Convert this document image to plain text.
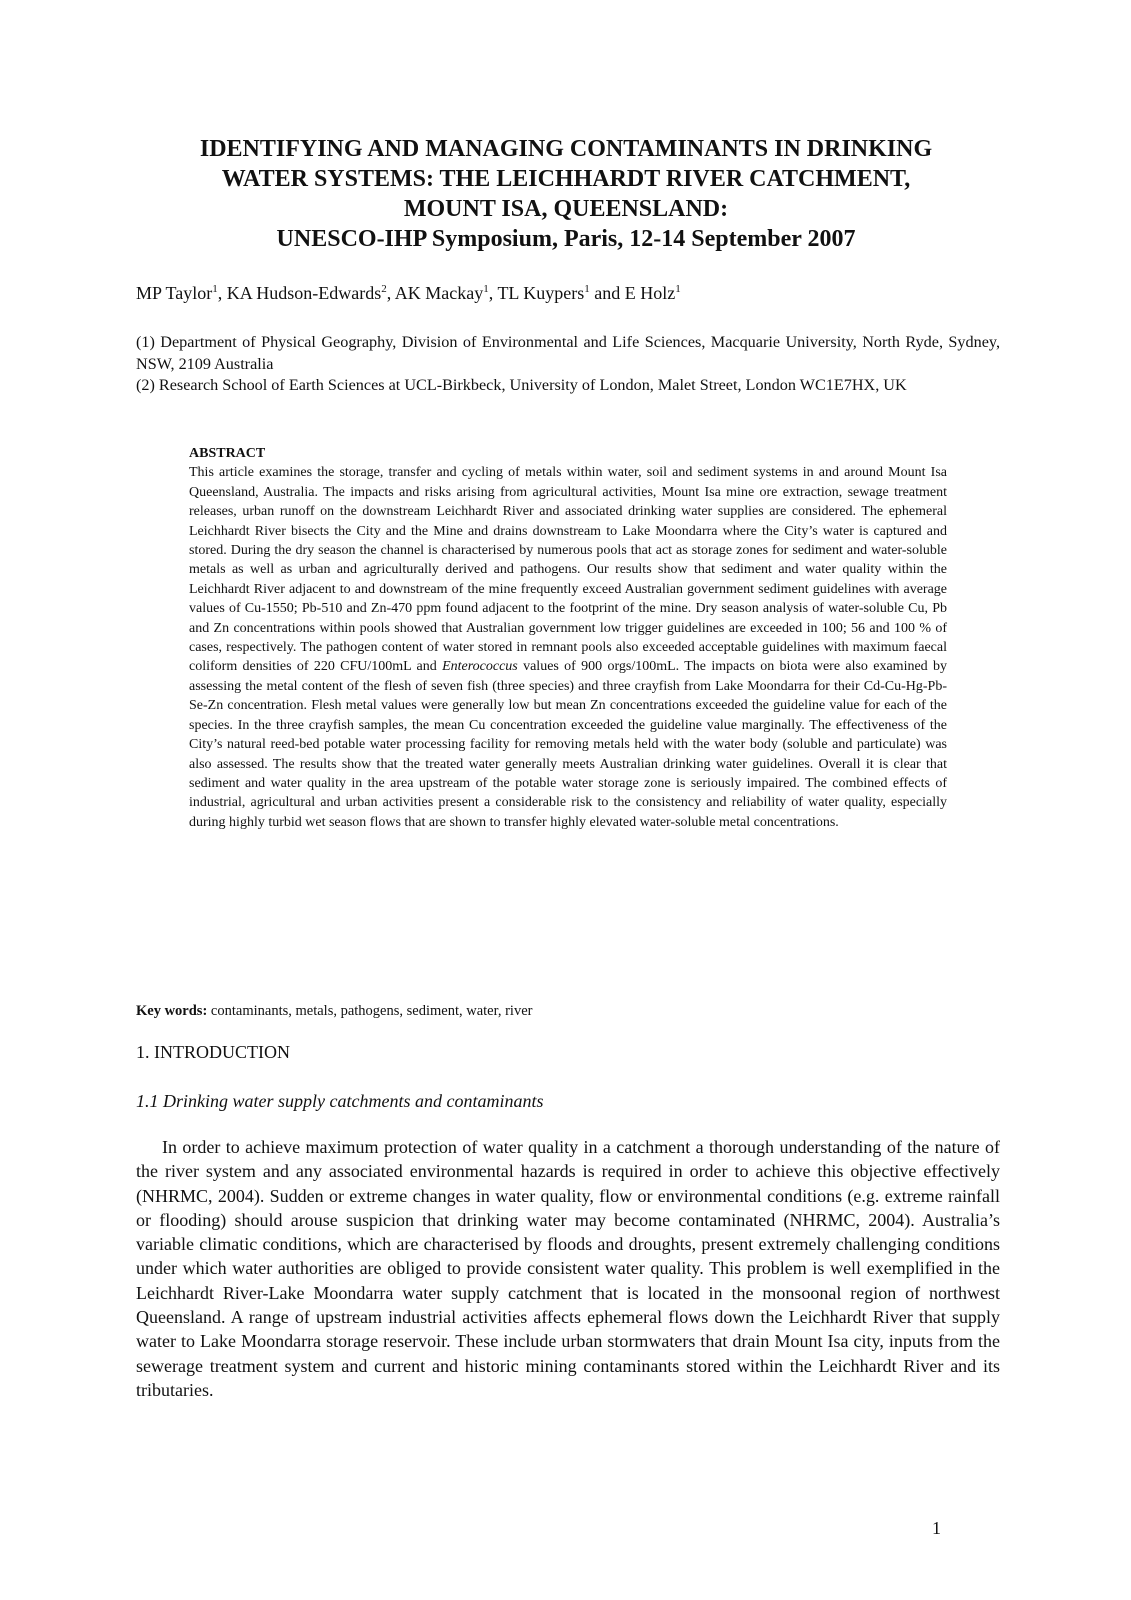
IDENTIFYING AND MANAGING CONTAMINANTS IN DRINKING
WATER SYSTEMS: THE LEICHHARDT RIVER CATCHMENT,
MOUNT ISA, QUEENSLAND:
UNESCO-IHP Symposium, Paris, 12-14 September 2007
MP Taylor$^1$, KA Hudson-Edwards$^2$, AK Mackay$^1$, TL Kuypers$^1$ and E Holz$^1$

(1) Department of Physical Geography, Division of Environmental and Life Sciences, Macquarie University, North Ryde, Sydney, NSW, 2109 Australia

(2) Research School of Earth Sciences at UCL-Birkbeck, University of London, Malet Street, London WC1E7HX, UK

ABSTRACT

This article examines the storage, transfer and cycling of metals within water, soil and sediment systems in and around Mount Isa Queensland, Australia. The impacts and risks arising from agricultural activities, Mount Isa mine ore extraction, sewage treatment releases, urban runoff on the downstream Leichhardt River and associated drinking water supplies are considered. The ephemeral Leichhardt River bisects the City and the Mine and drains downstream to Lake Moondarra where the City’s water is captured and stored. During the dry season the channel is characterised by numerous pools that act as storage zones for sediment and water-soluble metals as well as urban and agriculturally derived and pathogens. Our results show that sediment and water quality within the Leichhardt River adjacent to and downstream of the mine frequently exceed Australian government sediment guidelines with average values of Cu-1550; Pb-510 and Zn-470 ppm found adjacent to the footprint of the mine. Dry season analysis of water-soluble Cu, Pb and Zn concentrations within pools showed that Australian government low trigger guidelines are exceeded in 100; 56 and 100 % of cases, respectively. The pathogen content of water stored in remnant pools also exceeded acceptable guidelines with maximum faecal coliform densities of 220 CFU/100mL and Enterococcus values of 900 orgs/100mL. The impacts on biota were also examined by assessing the metal content of the flesh of seven fish (three species) and three crayfish from Lake Moondarra for their Cd-Cu-Hg-Pb-Se-Zn concentration. Flesh metal values were generally low but mean Zn concentrations exceeded the guideline value for each of the species. In the three crayfish samples, the mean Cu concentration exceeded the guideline value marginally. The effectiveness of the City’s natural reed-bed potable water processing facility for removing metals held with the water body (soluble and particulate) was also assessed. The results show that the treated water generally meets Australian drinking water guidelines. Overall it is clear that sediment and water quality in the area upstream of the potable water storage zone is seriously impaired. The combined effects of industrial, agricultural and urban activities present a considerable risk to the consistency and reliability of water quality, especially during highly turbid wet season flows that are shown to transfer highly elevated water-soluble metal concentrations.

Key words: contaminants, metals, pathogens, sediment, water, river
1. INTRODUCTION
1.1 Drinking water supply catchments and contaminants

In order to achieve maximum protection of water quality in a catchment a thorough understanding of the nature of the river system and any associated environmental hazards is required in order to achieve this objective effectively (NHRMC, 2004). Sudden or extreme changes in water quality, flow or environmental conditions (e.g. extreme rainfall or flooding) should arouse suspicion that drinking water may become contaminated (NHRMC, 2004). Australia’s variable climatic conditions, which are characterised by floods and droughts, present extremely challenging conditions under which water authorities are obliged to provide consistent water quality. This problem is well exemplified in the Leichhardt River-Lake Moondarra water supply catchment that is located in the monsoonal region of northwest Queensland. A range of upstream industrial activities affects ephemeral flows down the Leichhardt River that supply water to Lake Moondarra storage reservoir. These include urban stormwaters that drain Mount Isa city, inputs from the sewerage treatment system and current and historic mining contaminants stored within the Leichhardt River and its tributaries.

1
